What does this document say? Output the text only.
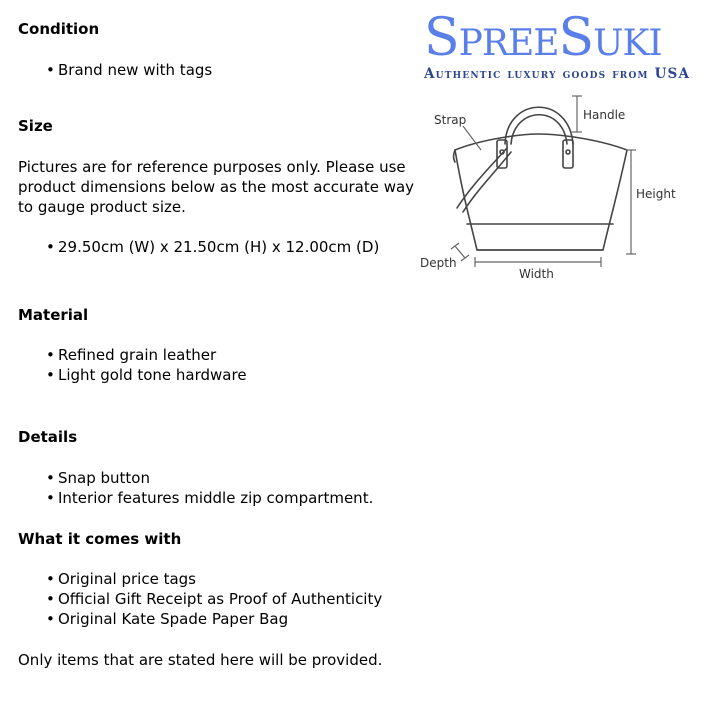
Condition
• Brand new with tags
Size
Pictures are for reference purposes only. Please use product dimensions below as the most accurate way to gauge product size.
• 29.50cm (W) x 21.50cm (H) x 12.00cm (D)
Material
• Refined grain leather
• Light gold tone hardware
Details
• Snap button
• Interior features middle zip compartment.
What it comes with
• Original price tags
• Official Gift Receipt as Proof of Authenticity
• Original Kate Spade Paper Bag
Only items that are stated here will be provided.
SpreeSuki
Authentic luxury goods from USA
Strap	Handle
Height
Depth
Width
